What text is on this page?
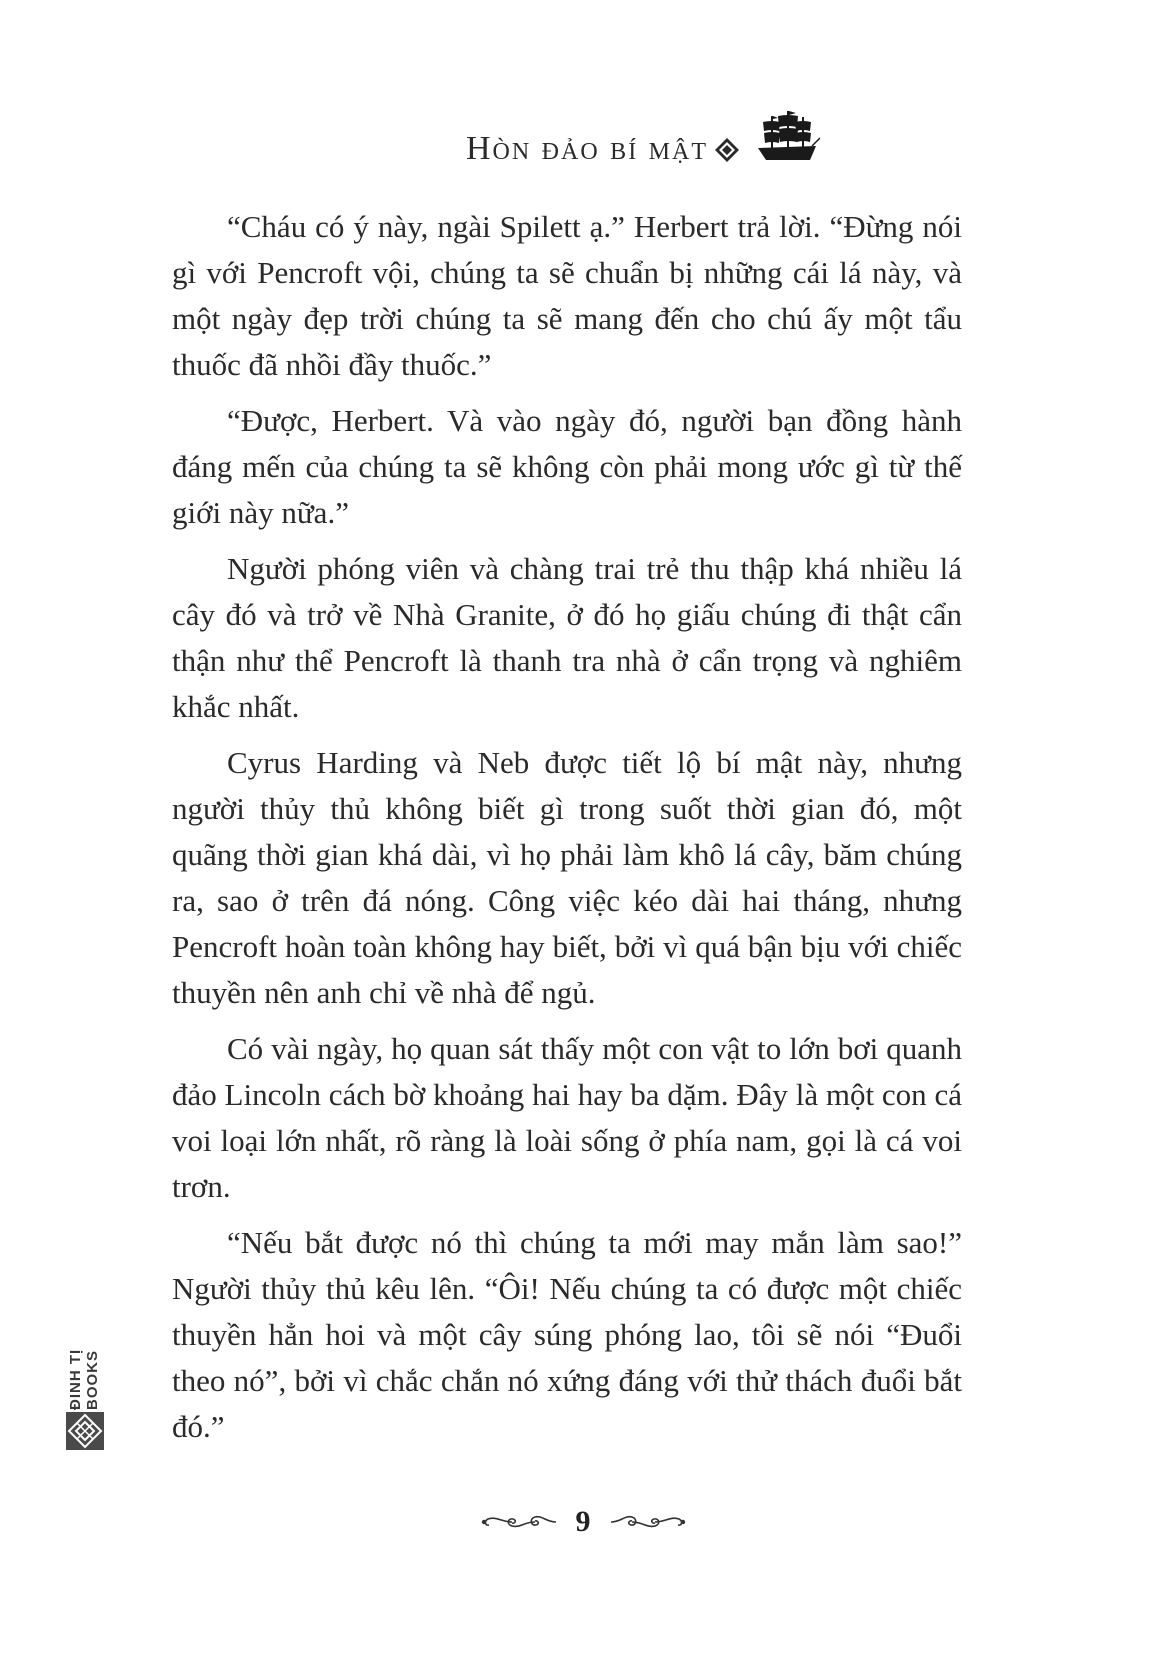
Hòn đảo bí mật

“Cháu có ý này, ngài Spilett ạ.” Herbert trả lời. “Đừng nói gì với Pencroft vội, chúng ta sẽ chuẩn bị những cái lá này, và một ngày đẹp trời chúng ta sẽ mang đến cho chú ấy một tẩu thuốc đã nhồi đầy thuốc.”

“Được, Herbert. Và vào ngày đó, người bạn đồng hành đáng mến của chúng ta sẽ không còn phải mong ước gì từ thế giới này nữa.”

Người phóng viên và chàng trai trẻ thu thập khá nhiều lá cây đó và trở về Nhà Granite, ở đó họ giấu chúng đi thật cẩn thận như thể Pencroft là thanh tra nhà ở cẩn trọng và nghiêm khắc nhất.

Cyrus Harding và Neb được tiết lộ bí mật này, nhưng người thủy thủ không biết gì trong suốt thời gian đó, một quãng thời gian khá dài, vì họ phải làm khô lá cây, băm chúng ra, sao ở trên đá nóng. Công việc kéo dài hai tháng, nhưng Pencroft hoàn toàn không hay biết, bởi vì quá bận bịu với chiếc thuyền nên anh chỉ về nhà để ngủ.

Có vài ngày, họ quan sát thấy một con vật to lớn bơi quanh đảo Lincoln cách bờ khoảng hai hay ba dặm. Đây là một con cá voi loại lớn nhất, rõ ràng là loài sống ở phía nam, gọi là cá voi trơn.

“Nếu bắt được nó thì chúng ta mới may mắn làm sao!” Người thủy thủ kêu lên. “Ôi! Nếu chúng ta có được một chiếc thuyền hẳn hoi và một cây súng phóng lao, tôi sẽ nói “Đuổi theo nó”, bởi vì chắc chắn nó xứng đáng với thử thách đuổi bắt đó.”

ĐINH TỊ BOOKS
9
